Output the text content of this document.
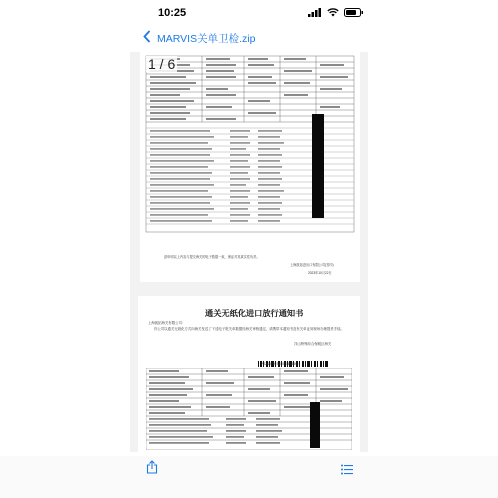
10:25
MARVIS关单卫检.zip
兹申明以上内容与提交海关的电子数据一致，保证对其真实性负责。
上海凯拓进出口有限公司(签印)
2023年10月22日
1 / 6
上海凯拓海关有限公司：
你公司以通关无纸化方式向海关发送了下述电子报关单数据经海关审核通过，请携带本通知书及有关单证到现场办理提货手续。
洋山特殊综合保税区海关
*224920231000062650*
通关无纸化进口放行通知书
